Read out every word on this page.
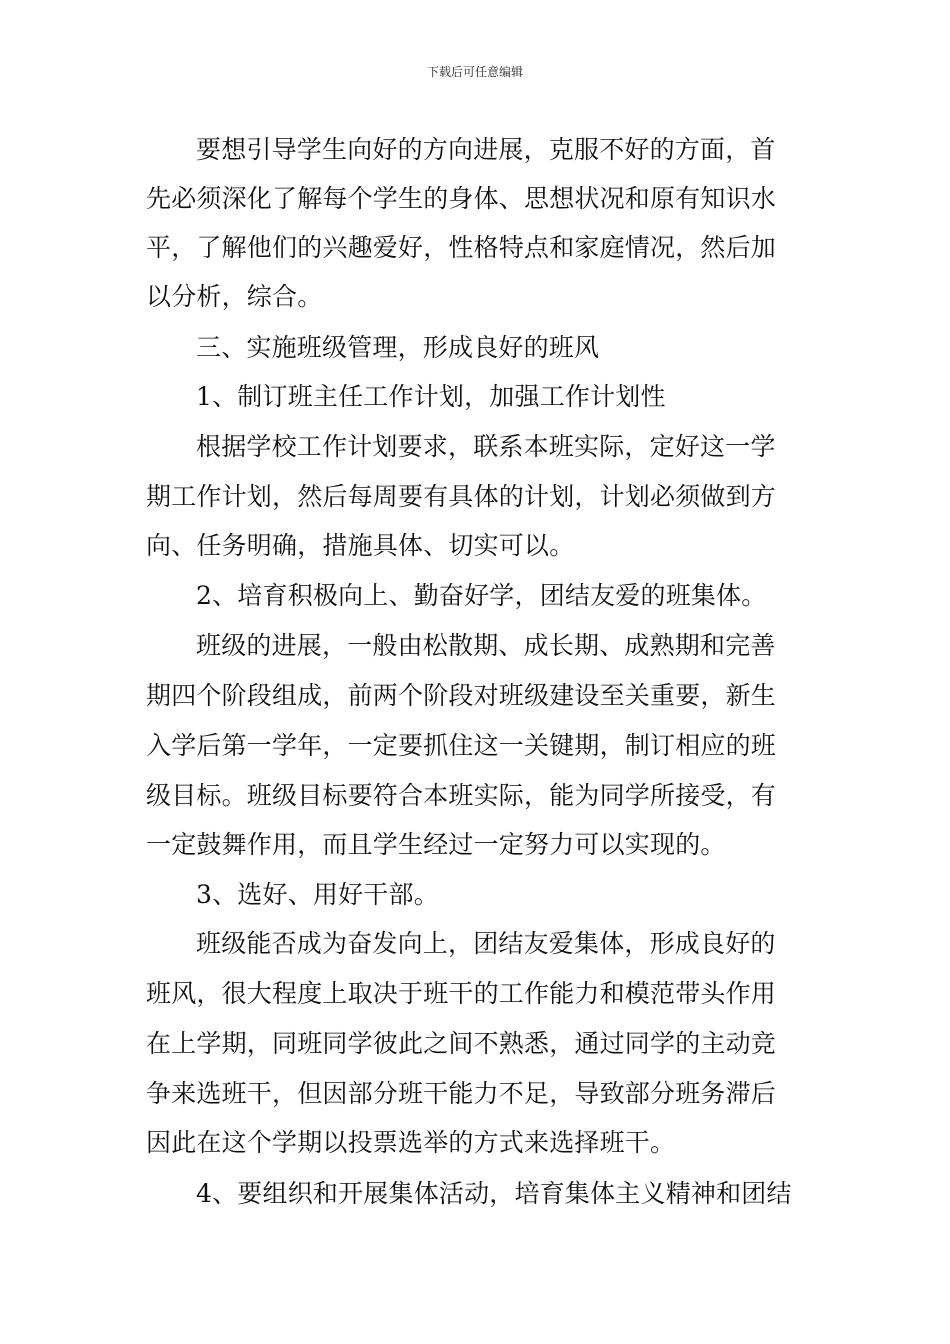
下载后可任意编辑
要想引导学生向好的方向进展，克服不好的方面，首
先必须深化了解每个学生的身体、思想状况和原有知识水
平，了解他们的兴趣爱好，性格特点和家庭情况，然后加
以分析，综合。
三、实施班级管理，形成良好的班风
1、制订班主任工作计划，加强工作计划性
根据学校工作计划要求，联系本班实际，定好这一学
期工作计划，然后每周要有具体的计划，计划必须做到方
向、任务明确，措施具体、切实可以。
2、培育积极向上、勤奋好学，团结友爱的班集体。
班级的进展，一般由松散期、成长期、成熟期和完善
期四个阶段组成，前两个阶段对班级建设至关重要，新生
入学后第一学年，一定要抓住这一关键期，制订相应的班
级目标。班级目标要符合本班实际，能为同学所接受，有
一定鼓舞作用，而且学生经过一定努力可以实现的。
3、选好、用好干部。
班级能否成为奋发向上，团结友爱集体，形成良好的
班风，很大程度上取决于班干的工作能力和模范带头作用
在上学期，同班同学彼此之间不熟悉，通过同学的主动竞
争来选班干，但因部分班干能力不足，导致部分班务滞后
因此在这个学期以投票选举的方式来选择班干。
4、要组织和开展集体活动，培育集体主义精神和团结
